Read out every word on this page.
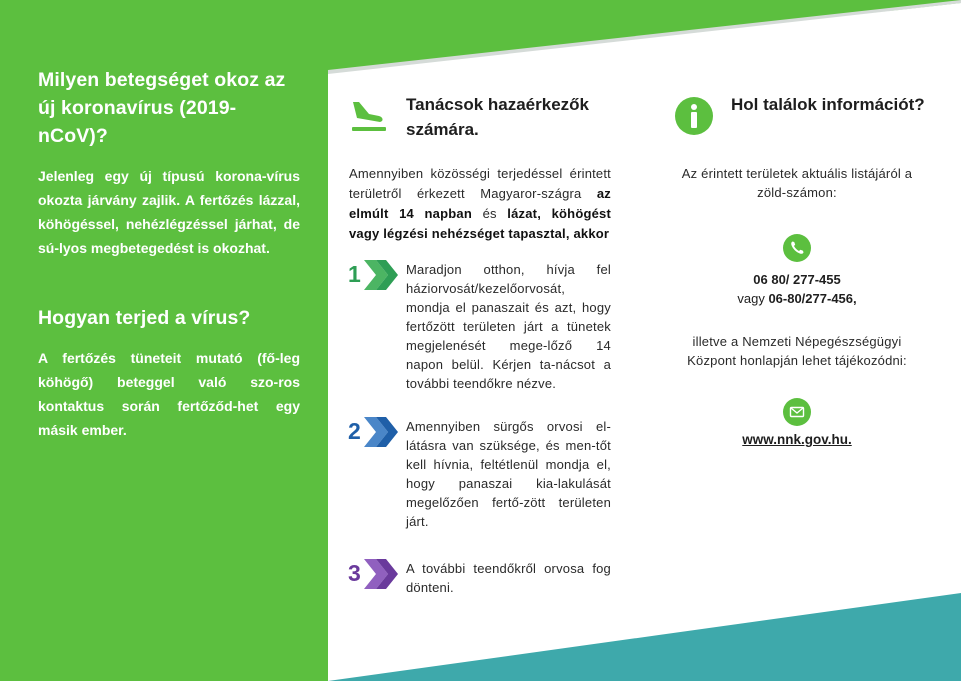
Milyen betegséget okoz az új koronavírus (2019-nCoV)?

Jelenleg egy új típusú korona-vírus okozta járvány zajlik. A fertőzés lázzal, köhögéssel, nehézlégzéssel járhat, de sú-lyos megbetegedést is okozhat.

Hogyan terjed a vírus?

A fertőzés tüneteit mutató (fő-leg köhögő) beteggel való szo-ros kontaktus során fertőződ-het egy másik ember.

Tanácsok hazaérkezők számára.
Amennyiben közösségi terjedéssel érintett területről érkezett Magyaror-szágra az elmúlt 14 napban és lázat, köhögést vagy légzési nehézséget tapasztal, akkor
1	Maradjon otthon, hívja fel háziorvosát/kezelőorvosát, mondja el panaszait és azt, hogy fertőzött területen járt a tünetek megjelenését mege-lőző 14 napon belül. Kérjen ta-nácsot a további teendőkre nézve.
2	Amennyiben sürgős orvosi el-látásra van szüksége, és men-tőt kell hívnia, feltétlenül mondja el, hogy panaszai kia-lakulását megelőzően fertő-zött területen járt.
3	A további teendőkről orvosa fog dönteni.
Hol találok információt?
Az érintett területek aktuális listájáról a zöld-számon:
06 80/ 277-455
vagy 06-80/277-456,
illetve a Nemzeti Népegészségügyi Központ honlapján lehet tájékozódni:
www.nnk.gov.hu.
